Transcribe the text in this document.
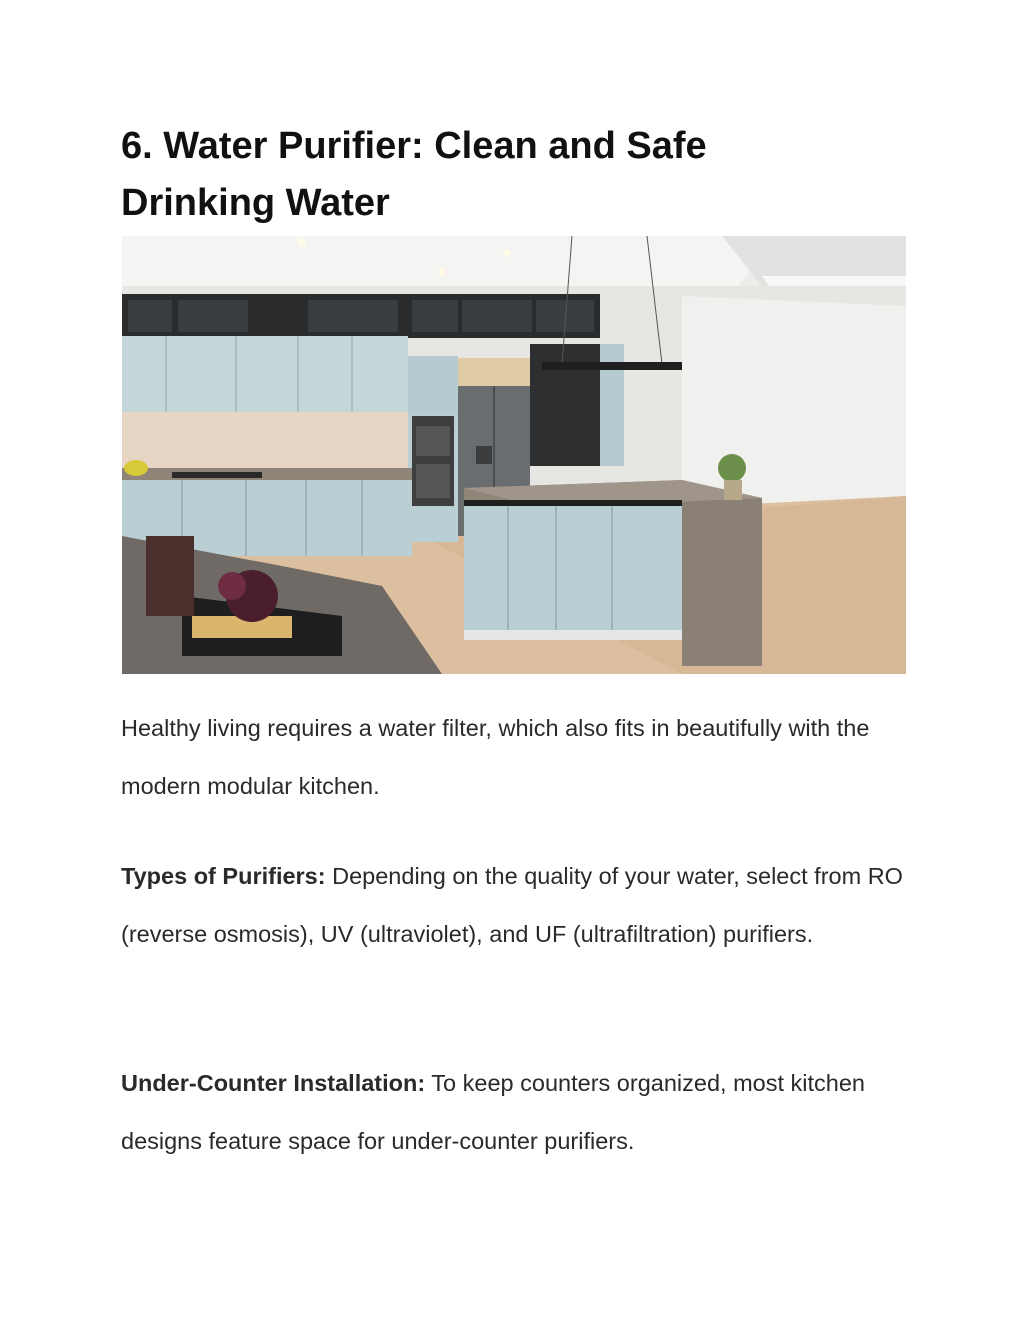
6. Water Purifier: Clean and Safe
Drinking Water

Healthy living requires a water filter, which also fits in beautifully with the modern modular kitchen.

Types of Purifiers: Depending on the quality of your water, select from RO (reverse osmosis), UV (ultraviolet), and UF (ultrafiltration) purifiers.

Under-Counter Installation: To keep counters organized, most kitchen designs feature space for under-counter purifiers.
